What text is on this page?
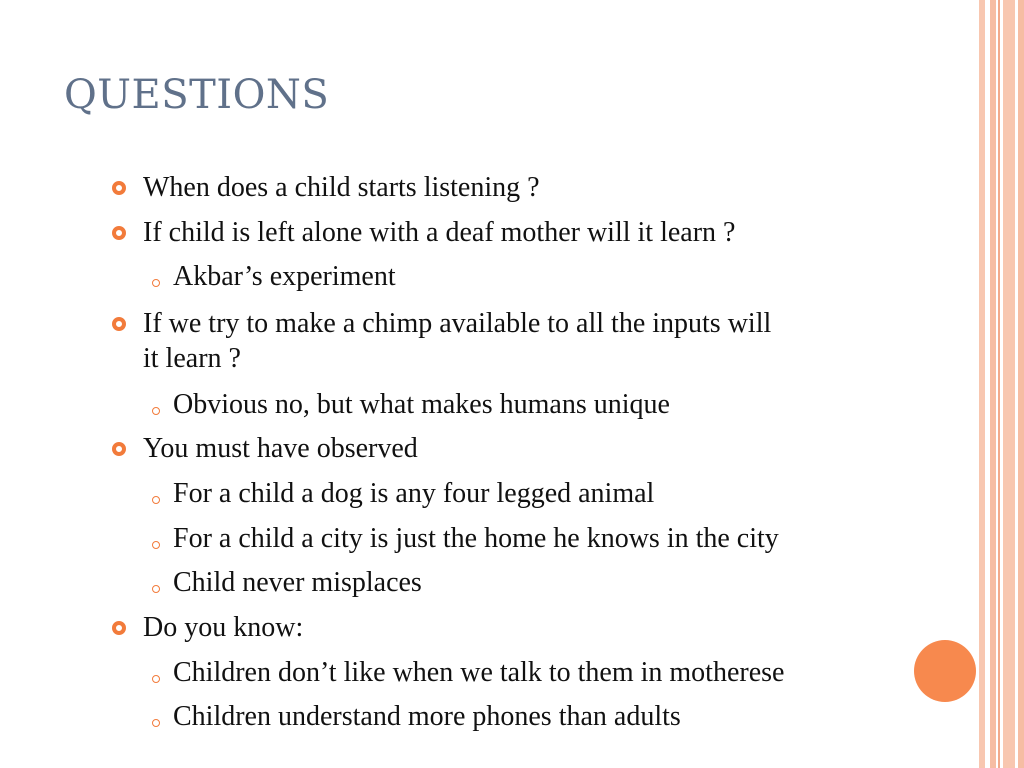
QUESTIONS
When does a child starts listening ?
If child is left alone with a deaf mother will it learn ?
Akbar’s experiment
If we try to make a chimp available to all the inputs will
it learn ?
Obvious no, but what makes humans unique
You must have observed
For a child a dog is any four legged animal
For a child a city is just the home he knows in the city
Child never misplaces
Do you know:
Children don’t like when we talk to them in motherese
Children understand more phones than adults
